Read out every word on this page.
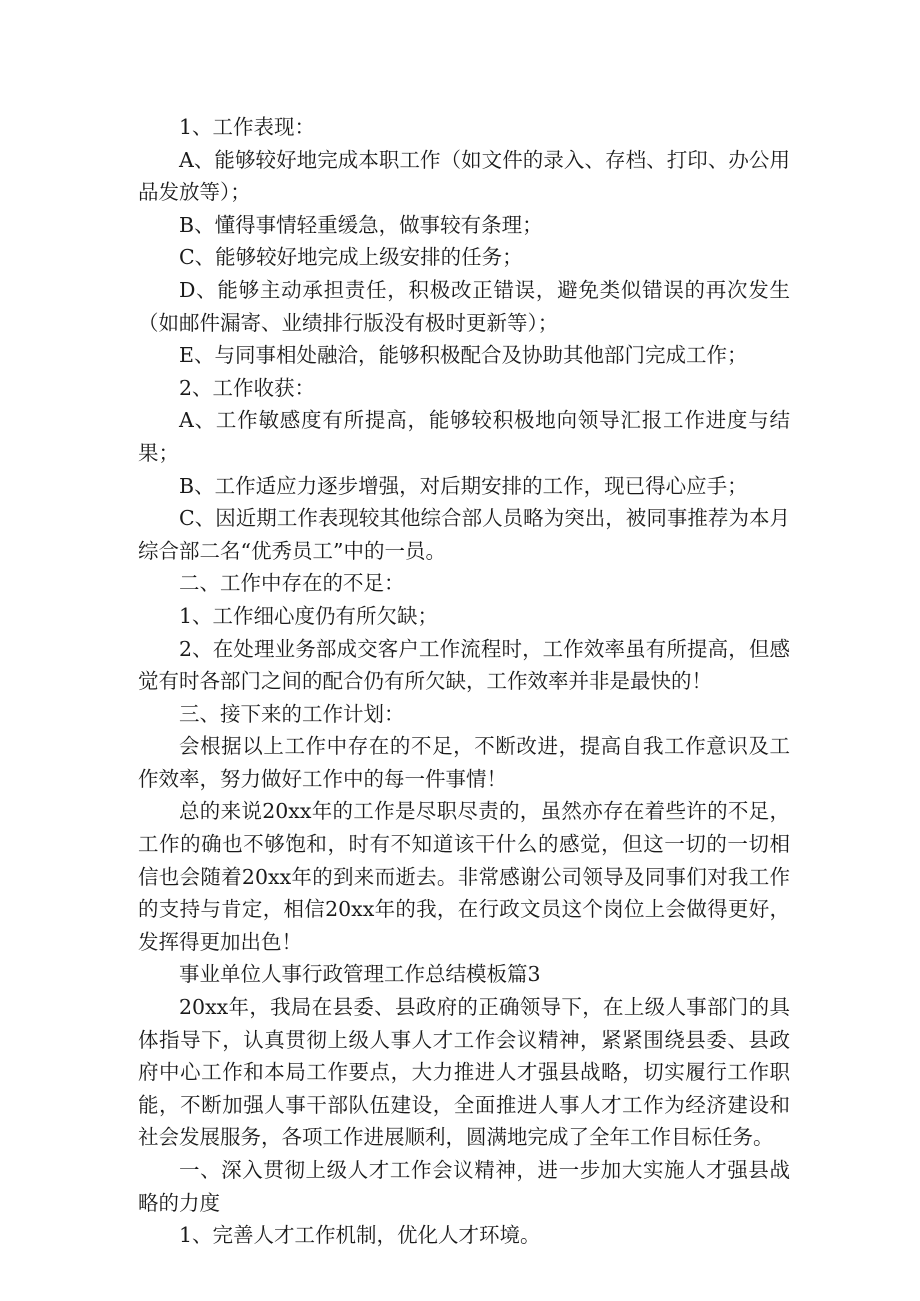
1、工作表现：

A、能够较好地完成本职工作（如文件的录入、存档、打印、办公用品发放等）；

B、懂得事情轻重缓急，做事较有条理；

C、能够较好地完成上级安排的任务；

D、能够主动承担责任，积极改正错误，避免类似错误的再次发生（如邮件漏寄、业绩排行版没有极时更新等）；

E、与同事相处融洽，能够积极配合及协助其他部门完成工作；

2、工作收获：

A、工作敏感度有所提高，能够较积极地向领导汇报工作进度与结果；

B、工作适应力逐步增强，对后期安排的工作，现已得心应手；

C、因近期工作表现较其他综合部人员略为突出，被同事推荐为本月综合部二名“优秀员工”中的一员。

二、工作中存在的不足：

1、工作细心度仍有所欠缺；

2、在处理业务部成交客户工作流程时，工作效率虽有所提高，但感觉有时各部门之间的配合仍有所欠缺，工作效率并非是最快的！

三、接下来的工作计划：

会根据以上工作中存在的不足，不断改进，提高自我工作意识及工作效率，努力做好工作中的每一件事情！

总的来说20xx年的工作是尽职尽责的，虽然亦存在着些许的不足，工作的确也不够饱和，时有不知道该干什么的感觉，但这一切的一切相信也会随着20xx年的到来而逝去。非常感谢公司领导及同事们对我工作的支持与肯定，相信20xx年的我，在行政文员这个岗位上会做得更好，发挥得更加出色！

事业单位人事行政管理工作总结模板篇3

20xx年，我局在县委、县政府的正确领导下，在上级人事部门的具体指导下，认真贯彻上级人事人才工作会议精神，紧紧围绕县委、县政府中心工作和本局工作要点，大力推进人才强县战略，切实履行工作职能，不断加强人事干部队伍建设，全面推进人事人才工作为经济建设和社会发展服务，各项工作进展顺利，圆满地完成了全年工作目标任务。

一、深入贯彻上级人才工作会议精神，进一步加大实施人才强县战略的力度

1、完善人才工作机制，优化人才环境。
